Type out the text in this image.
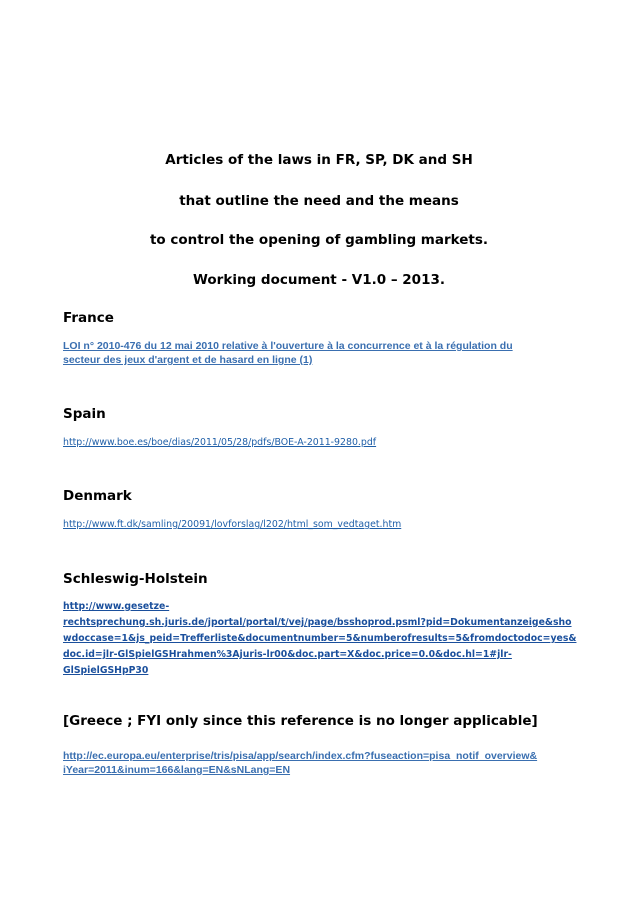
Articles of the laws in FR, SP, DK and SH
that outline the need and the means
to control the opening of gambling markets.
Working document - V1.0 – 2013.
France
LOI n° 2010-476 du 12 mai 2010 relative à l'ouverture à la concurrence et à la régulation du
secteur des jeux d'argent et de hasard en ligne (1)
Spain
http://www.boe.es/boe/dias/2011/05/28/pdfs/BOE-A-2011-9280.pdf
Denmark
http://www.ft.dk/samling/20091/lovforslag/l202/html_som_vedtaget.htm
Schleswig-Holstein
http://www.gesetze-
rechtsprechung.sh.juris.de/jportal/portal/t/vej/page/bsshoprod.psml?pid=Dokumentanzeige&sho
wdoccase=1&js_peid=Trefferliste&documentnumber=5&numberofresults=5&fromdoctodoc=yes&
doc.id=jlr-GlSpielGSHrahmen%3Ajuris-lr00&doc.part=X&doc.price=0.0&doc.hl=1#jlr-
GlSpielGSHpP30
[Greece ; FYI only since this reference is no longer applicable]
http://ec.europa.eu/enterprise/tris/pisa/app/search/index.cfm?fuseaction=pisa_notif_overview&
iYear=2011&inum=166&lang=EN&sNLang=EN
